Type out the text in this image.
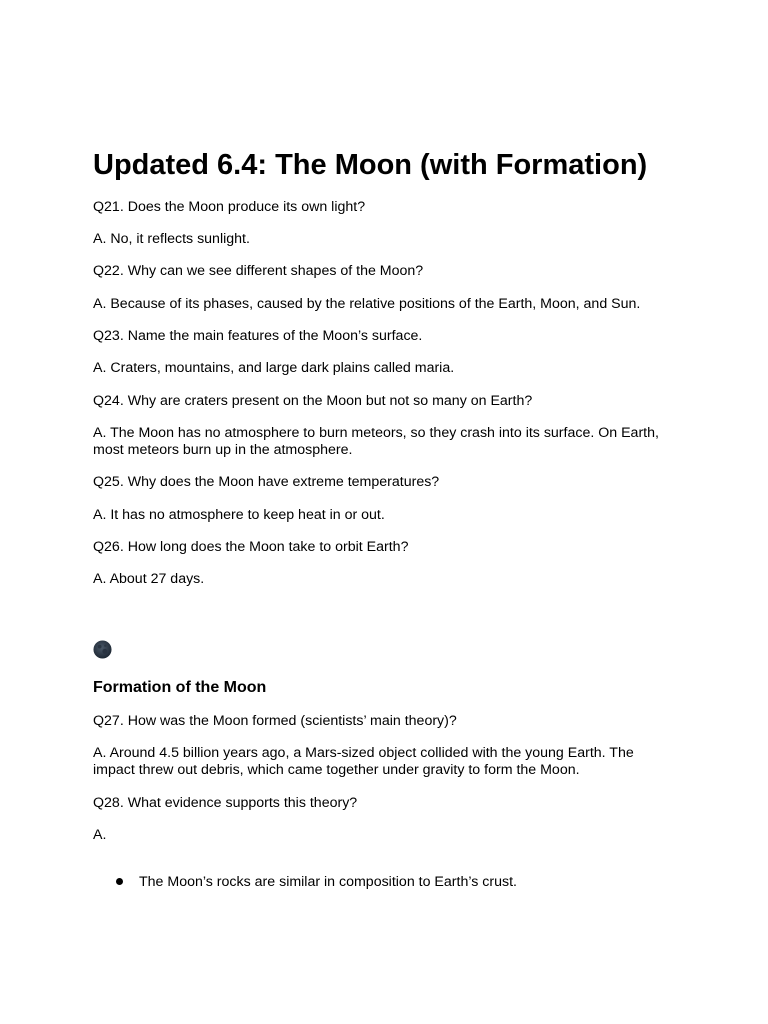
Updated 6.4: The Moon (with Formation)

Q21. Does the Moon produce its own light?

A. No, it reflects sunlight.

Q22. Why can we see different shapes of the Moon?

A. Because of its phases, caused by the relative positions of the Earth, Moon, and Sun.

Q23. Name the main features of the Moon’s surface.

A. Craters, mountains, and large dark plains called maria.

Q24. Why are craters present on the Moon but not so many on Earth?

A. The Moon has no atmosphere to burn meteors, so they crash into its surface. On Earth, most meteors burn up in the atmosphere.

Q25. Why does the Moon have extreme temperatures?

A. It has no atmosphere to keep heat in or out.

Q26. How long does the Moon take to orbit Earth?

A. About 27 days.

Formation of the Moon

Q27. How was the Moon formed (scientists’ main theory)?

A. Around 4.5 billion years ago, a Mars-sized object collided with the young Earth. The impact threw out debris, which came together under gravity to form the Moon.

Q28. What evidence supports this theory?

A.

The Moon’s rocks are similar in composition to Earth’s crust.
